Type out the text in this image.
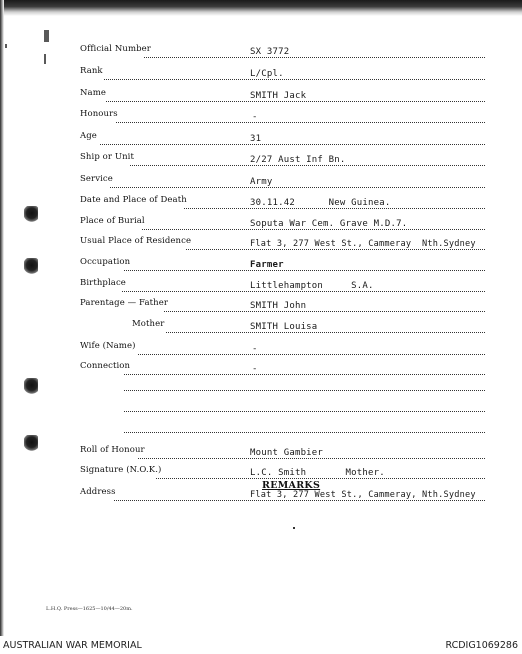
Official Number	SX 3772
Rank	L/Cpl.
Name	SMITH Jack
Honours	-
Age	31
Ship or Unit	2/27 Aust Inf Bn.
Service	Army
Date and Place of Death	30.11.42      New Guinea.
Place of Burial	Soputa War Cem. Grave M.D.7.
Usual Place of Residence	Flat 3, 277 West St., Cammeray  Nth.Sydney
Occupation	Farmer
Birthplace	Littlehampton     S.A.
Parentage — Father	SMITH John
Mother	SMITH Louisa
Wife (Name)	-
Connection	-
Roll of Honour	Mount Gambier
Signature (N.O.K.)	L.C. Smith       Mother.
Address	Flat 3, 277 West St., Cammeray, Nth.Sydney
REMARKS
L.H.Q. Press—1625—10/44—20m.
AUSTRALIAN WAR MEMORIAL	RCDIG1069286
